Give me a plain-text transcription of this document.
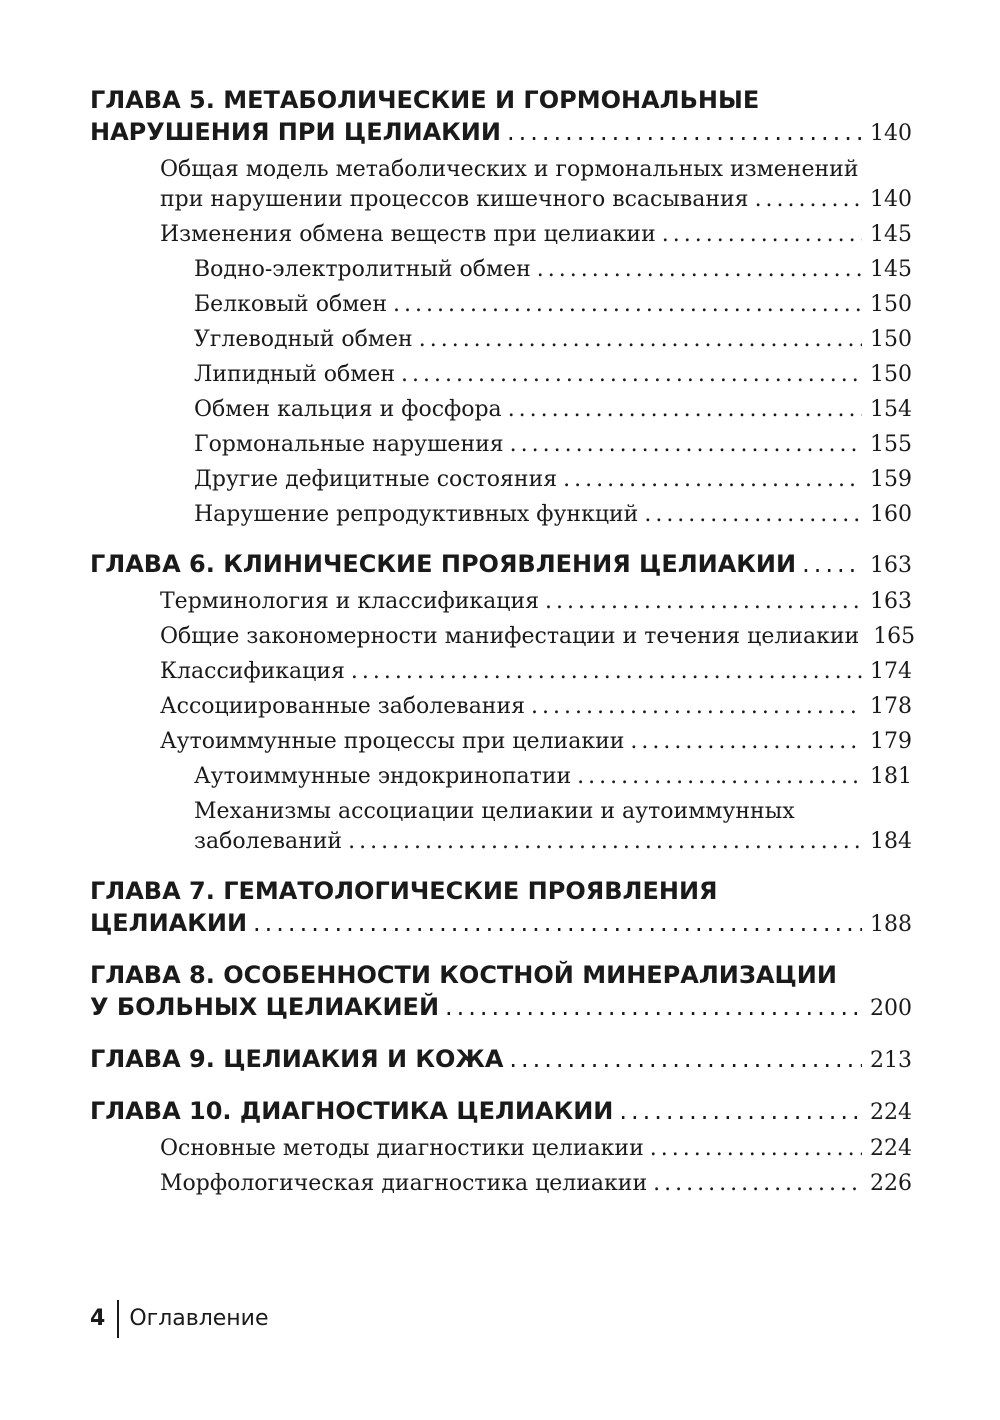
ГЛАВА 5. МЕТАБОЛИЧЕСКИЕ И ГОРМОНАЛЬНЫЕ
НАРУШЕНИЯ ПРИ ЦЕЛИАКИИ .....	140
Общая модель метаболических и гормональных изменений
при нарушении процессов кишечного всасывания .....	140
Изменения обмена веществ при целиакии .....	145
Водно-электролитный обмен .....	145
Белковый обмен .....	150
Углеводный обмен .....	150
Липидный обмен .....	150
Обмен кальция и фосфора .....	154
Гормональные нарушения .....	155
Другие дефицитные состояния .....	159
Нарушение репродуктивных функций .....	160
ГЛАВА 6. КЛИНИЧЕСКИЕ ПРОЯВЛЕНИЯ ЦЕЛИАКИИ .....	163
Терминология и классификация .....	163
Общие закономерности манифестации и течения целиакии 165
Классификация .....	174
Ассоциированные заболевания .....	178
Аутоиммунные процессы при целиакии .....	179
Аутоиммунные эндокринопатии .....	181
Механизмы ассоциации целиакии и аутоиммунных
заболеваний .....	184
ГЛАВА 7. ГЕМАТОЛОГИЧЕСКИЕ ПРОЯВЛЕНИЯ
ЦЕЛИАКИИ .....	188
ГЛАВА 8. ОСОБЕННОСТИ КОСТНОЙ МИНЕРАЛИЗАЦИИ
У БОЛЬНЫХ ЦЕЛИАКИЕЙ .....	200
ГЛАВА 9. ЦЕЛИАКИЯ И КОЖА .....	213
ГЛАВА 10. ДИАГНОСТИКА ЦЕЛИАКИИ .....	224
Основные методы диагностики целиакии .....	224
Морфологическая диагностика целиакии .....	226
4	Оглавление
